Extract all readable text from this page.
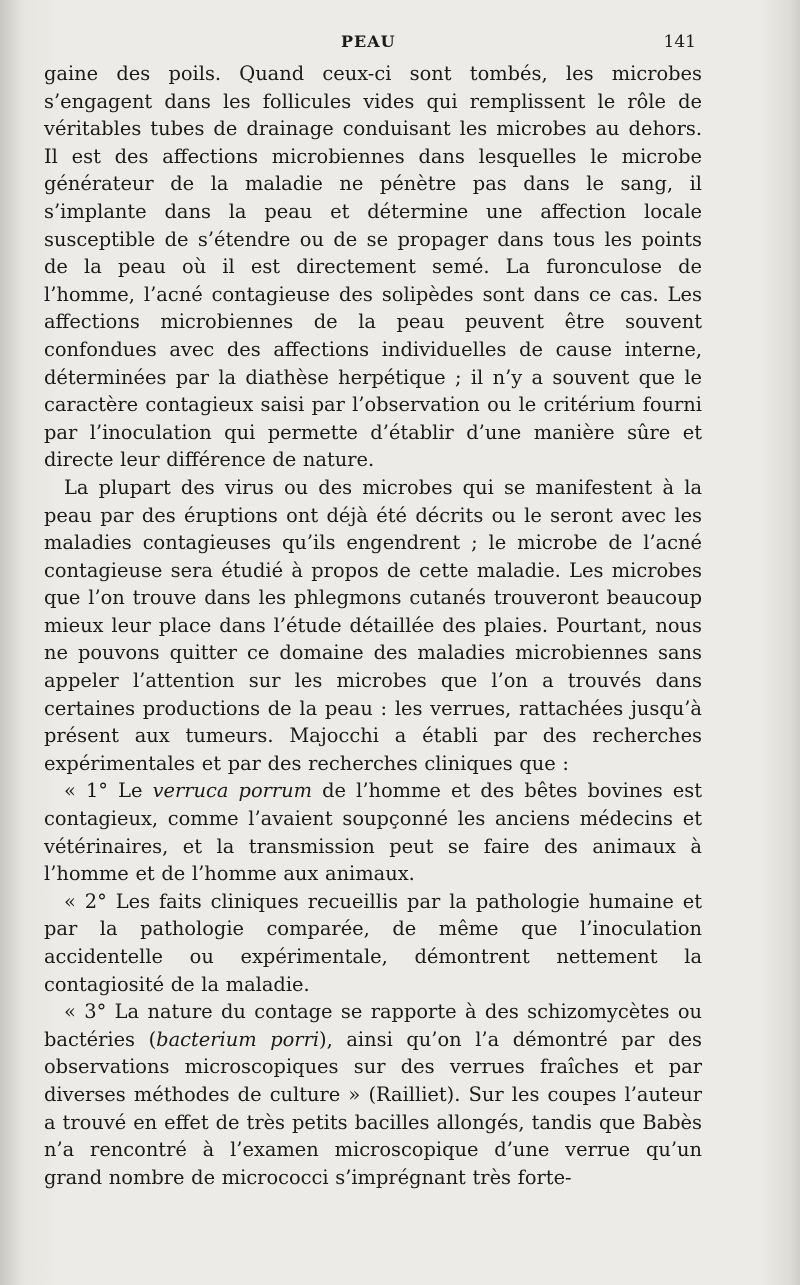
PEAU	141

gaine des poils. Quand ceux-ci sont tombés, les microbes s’engagent dans les follicules vides qui remplissent le rôle de véritables tubes de drainage conduisant les microbes au dehors. Il est des affections microbiennes dans lesquelles le microbe générateur de la maladie ne pénètre pas dans le sang, il s’implante dans la peau et détermine une affection locale susceptible de s’étendre ou de se propager dans tous les points de la peau où il est directement semé. La furonculose de l’homme, l’acné contagieuse des solipèdes sont dans ce cas. Les affections microbiennes de la peau peuvent être souvent confondues avec des affections individuelles de cause interne, déterminées par la diathèse herpétique ; il n’y a souvent que le caractère contagieux saisi par l’observation ou le critérium fourni par l’inoculation qui permette d’établir d’une manière sûre et directe leur différence de nature.

La plupart des virus ou des microbes qui se manifestent à la peau par des éruptions ont déjà été décrits ou le seront avec les maladies contagieuses qu’ils engendrent ; le microbe de l’acné contagieuse sera étudié à propos de cette maladie. Les microbes que l’on trouve dans les phlegmons cutanés trouveront beaucoup mieux leur place dans l’étude détaillée des plaies. Pourtant, nous ne pouvons quitter ce domaine des maladies microbiennes sans appeler l’attention sur les microbes que l’on a trouvés dans certaines productions de la peau : les verrues, rattachées jusqu’à présent aux tumeurs. Majocchi a établi par des recherches expérimentales et par des recherches cliniques que :

« 1° Le verruca porrum de l’homme et des bêtes bovines est contagieux, comme l’avaient soupçonné les anciens médecins et vétérinaires, et la transmission peut se faire des animaux à l’homme et de l’homme aux animaux.

« 2° Les faits cliniques recueillis par la pathologie humaine et par la pathologie comparée, de même que l’inoculation accidentelle ou expérimentale, démontrent nettement la contagiosité de la maladie.

« 3° La nature du contage se rapporte à des schizomycètes ou bactéries (bacterium porri), ainsi qu’on l’a démontré par des observations microscopiques sur des verrues fraîches et par diverses méthodes de culture » (Railliet). Sur les coupes l’auteur a trouvé en effet de très petits bacilles allongés, tandis que Babès n’a rencontré à l’examen microscopique d’une verrue qu’un grand nombre de micrococci s’imprégnant très forte-
